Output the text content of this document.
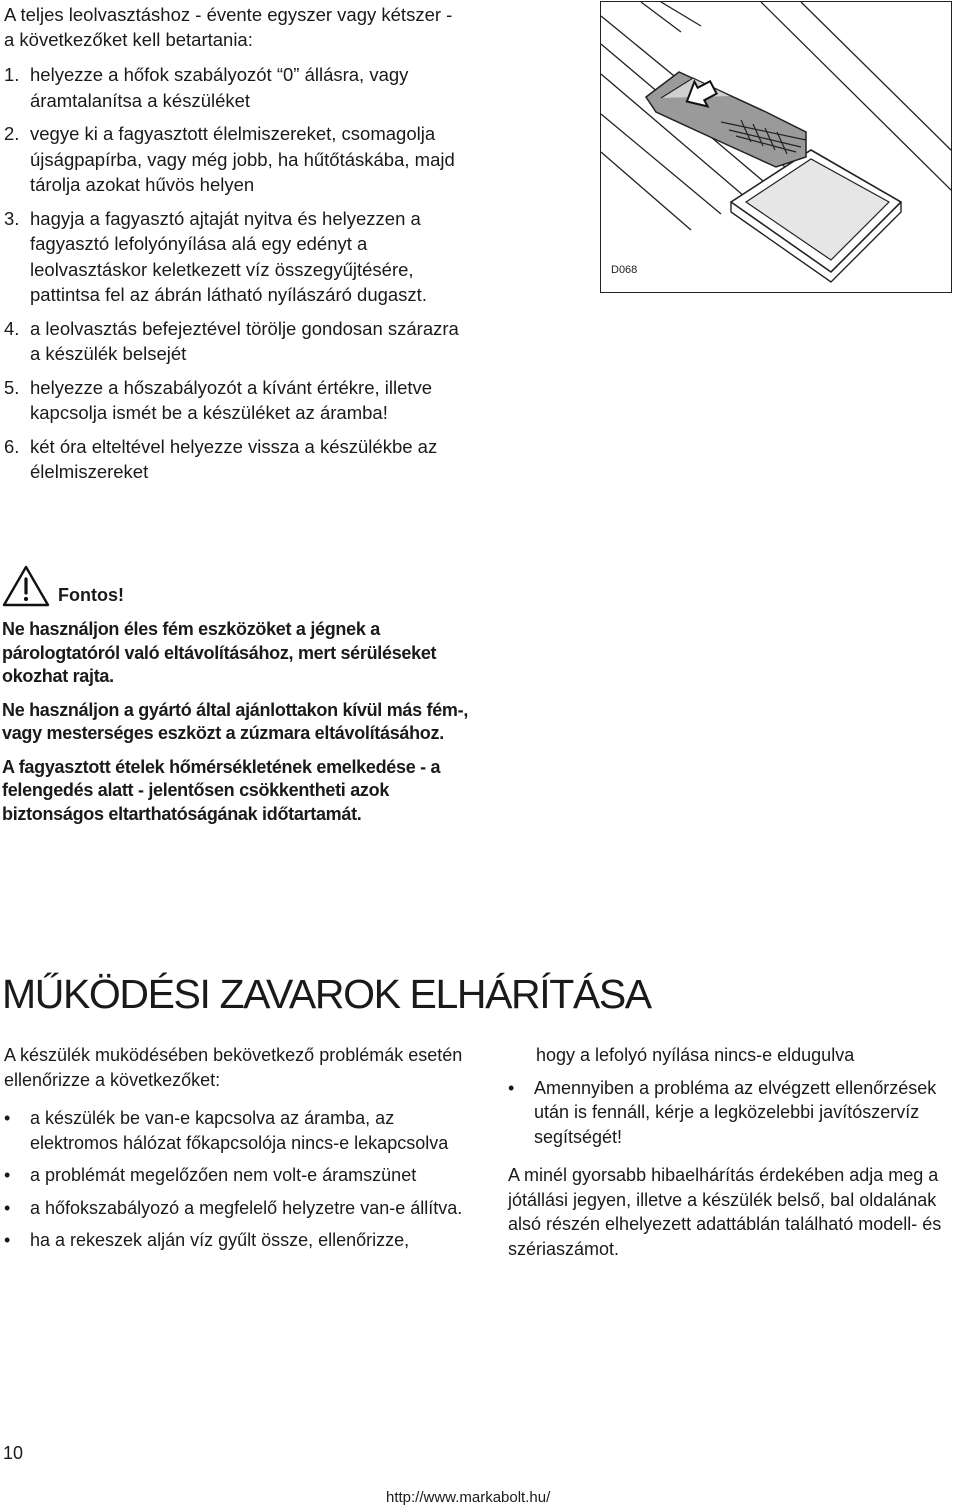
A teljes leolvasztáshoz - évente egyszer vagy kétszer - a következőket kell betartania:

1. helyezze a hőfok szabályozót “0” állásra, vagy áramtalanítsa a készüléket
2. vegye ki a fagyasztott élelmiszereket, csomagolja újságpapírba, vagy még jobb, ha hűtőtáskába, majd tárolja azokat hűvös helyen
3. hagyja a fagyasztó ajtaját nyitva és helyezzen a fagyasztó lefolyónyílása alá egy edényt a leolvasztáskor keletkezett víz összegyűjtésére, pattintsa fel az ábrán látható nyílászáró dugaszt.
4. a leolvasztás befejeztével törölje gondosan szárazra a készülék belsejét
5. helyezze a hőszabályozót a kívánt értékre, illetve kapcsolja ismét be a készüléket az áramba!
6. két óra elteltével helyezze vissza a készülékbe az élelmiszereket
D068
Fontos!

Ne használjon éles fém eszközöket a jégnek a párologtatóról való eltávolításához, mert sérüléseket okozhat rajta.

Ne használjon a gyártó által ajánlottakon kívül más fém-, vagy mesterséges eszközt a zúzmara eltávolításához.

A fagyasztott ételek hőmérsékletének emelkedése - a felengedés alatt - jelentősen csökkentheti azok biztonságos eltarthatóságának időtartamát.

MŰKÖDÉSI ZAVAROK ELHÁRÍTÁSA

A készülék muködésében bekövetkező problémák esetén ellenőrizze a következőket:

•	a készülék be van-e kapcsolva az áramba, az elektromos hálózat főkapcsolója nincs-e lekapcsolva
•	a problémát megelőzően nem volt-e áramszünet
•	a hőfokszabályozó a megfelelő helyzetre van-e állítva.
•	ha a rekeszek alján víz gyűlt össze, ellenőrizze,
hogy a lefolyó nyílása nincs-e eldugulva
•	Amennyiben a probléma az elvégzett ellenőrzések után is fennáll, kérje a legközelebbi javítószervíz segítségét!

A minél gyorsabb hibaelhárítás érdekében adja meg a jótállási jegyen, illetve a készülék belső, bal oldalának alsó részén elhelyezett adattáblán található modell- és szériaszámot.

10
http://www.markabolt.hu/
